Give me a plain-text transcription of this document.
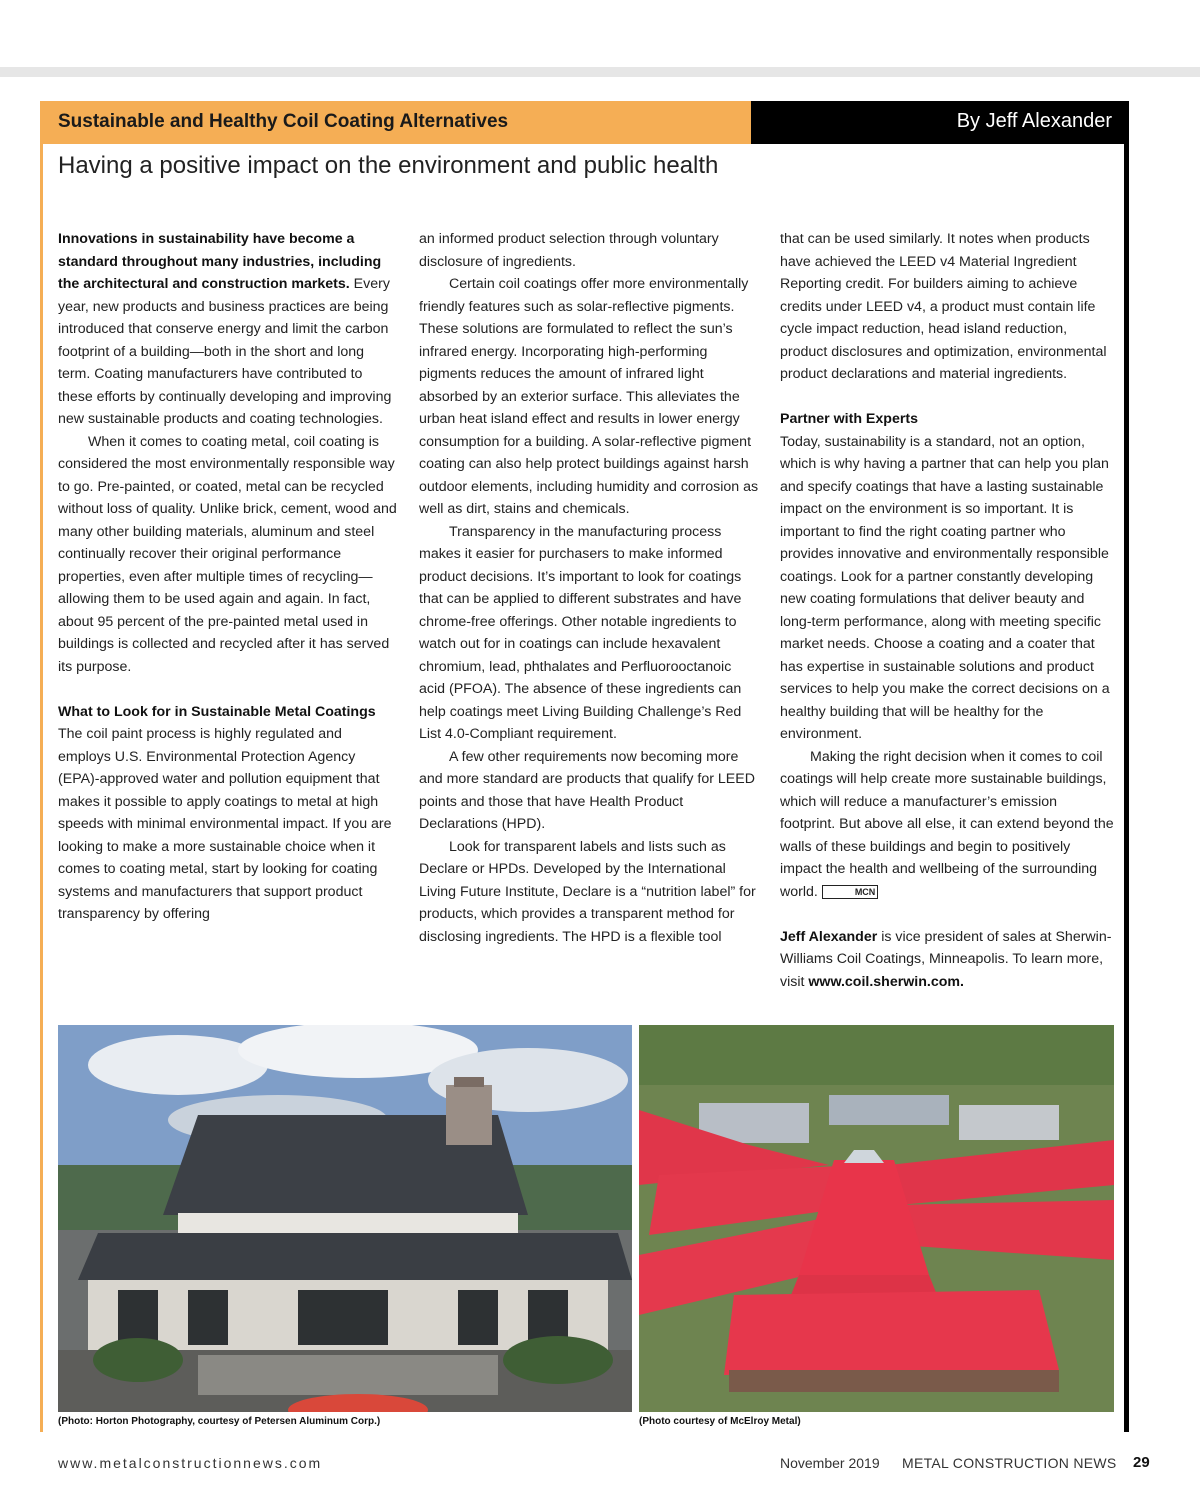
Sustainable and Healthy Coil Coating Alternatives	By Jeff Alexander
Having a positive impact on the environment and public health

Innovations in sustainability have become a standard throughout many industries, including the architectural and construction markets. Every year, new products and business practices are being introduced that conserve energy and limit the carbon footprint of a building—both in the short and long term. Coating manufacturers have contributed to these efforts by continually developing and improving new sustainable products and coating technologies.

When it comes to coating metal, coil coating is considered the most environmentally responsible way to go. Pre-painted, or coated, metal can be recycled without loss of quality. Unlike brick, cement, wood and many other building materials, aluminum and steel continually recover their original performance properties, even after multiple times of recycling—allowing them to be used again and again. In fact, about 95 percent of the pre-painted metal used in buildings is collected and recycled after it has served its purpose.

What to Look for in Sustainable Metal Coatings

The coil paint process is highly regulated and employs U.S. Environmental Protection Agency (EPA)-approved water and pollution equipment that makes it possible to apply coatings to metal at high speeds with minimal environmental impact. If you are looking to make a more sustainable choice when it comes to coating metal, start by looking for coating systems and manufacturers that support product transparency by offering

an informed product selection through voluntary disclosure of ingredients.

Certain coil coatings offer more environmentally friendly features such as solar-reflective pigments. These solutions are formulated to reflect the sun’s infrared energy. Incorporating high-performing pigments reduces the amount of infrared light absorbed by an exterior surface. This alleviates the urban heat island effect and results in lower energy consumption for a building. A solar-reflective pigment coating can also help protect buildings against harsh outdoor elements, including humidity and corrosion as well as dirt, stains and chemicals.

Transparency in the manufacturing process makes it easier for purchasers to make informed product decisions. It’s important to look for coatings that can be applied to different substrates and have chrome-free offerings. Other notable ingredients to watch out for in coatings can include hexavalent chromium, lead, phthalates and Perfluorooctanoic acid (PFOA). The absence of these ingredients can help coatings meet Living Building Challenge’s Red List 4.0-Compliant requirement.

A few other requirements now becoming more and more standard are products that qualify for LEED points and those that have Health Product Declarations (HPD).

Look for transparent labels and lists such as Declare or HPDs. Developed by the International Living Future Institute, Declare is a “nutrition label” for products, which provides a transparent method for disclosing ingredients. The HPD is a flexible tool

that can be used similarly. It notes when products have achieved the LEED v4 Material Ingredient Reporting credit. For builders aiming to achieve credits under LEED v4, a product must contain life cycle impact reduction, head island reduction, product disclosures and optimization, environmental product declarations and material ingredients.

Partner with Experts

Today, sustainability is a standard, not an option, which is why having a partner that can help you plan and specify coatings that have a lasting sustainable impact on the environment is so important. It is important to find the right coating partner who provides innovative and environmentally responsible coatings. Look for a partner constantly developing new coating formulations that deliver beauty and long-term performance, along with meeting specific market needs. Choose a coating and a coater that has expertise in sustainable solutions and product services to help you make the correct decisions on a healthy building that will be healthy for the environment.

Making the right decision when it comes to coil coatings will help create more sustainable buildings, which will reduce a manufacturer’s emission footprint. But above all else, it can extend beyond the walls of these buildings and begin to positively impact the health and wellbeing of the surrounding world.	MCN

Jeff Alexander is vice president of sales at Sherwin-Williams Coil Coatings, Minneapolis. To learn more, visit www.coil.sherwin.com.

(Photo: Horton Photography, courtesy of Petersen Aluminum Corp.)	(Photo courtesy of McElroy Metal)
www.metalconstructionnews.com	November 2019 METAL CONSTRUCTION NEWS 29
